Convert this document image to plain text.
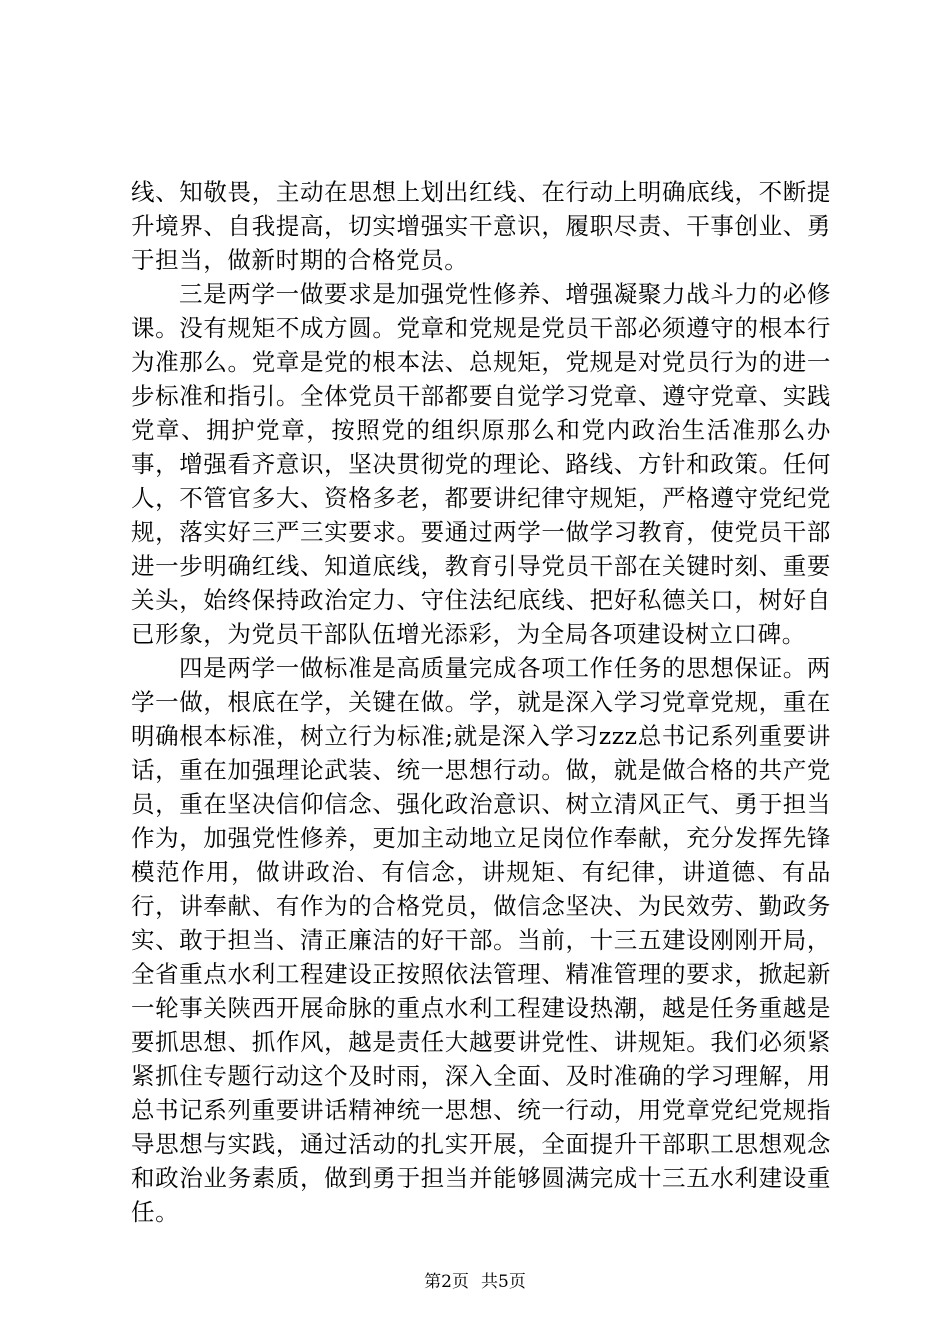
线、知敬畏，主动在思想上划出红线、在行动上明确底线，不断提升境界、自我提高，切实增强实干意识，履职尽责、干事创业、勇于担当，做新时期的合格党员。

三是两学一做要求是加强党性修养、增强凝聚力战斗力的必修课。没有规矩不成方圆。党章和党规是党员干部必须遵守的根本行为准那么。党章是党的根本法、总规矩，党规是对党员行为的进一步标准和指引。全体党员干部都要自觉学习党章、遵守党章、实践党章、拥护党章，按照党的组织原那么和党内政治生活准那么办事，增强看齐意识，坚决贯彻党的理论、路线、方针和政策。任何人，不管官多大、资格多老，都要讲纪律守规矩，严格遵守党纪党规，落实好三严三实要求。要通过两学一做学习教育，使党员干部进一步明确红线、知道底线，教育引导党员干部在关键时刻、重要关头，始终保持政治定力、守住法纪底线、把好私德关口，树好自已形象，为党员干部队伍增光添彩，为全局各项建设树立口碑。

四是两学一做标准是高质量完成各项工作任务的思想保证。两学一做，根底在学，关键在做。学，就是深入学习党章党规，重在明确根本标准，树立行为标准;就是深入学习zzz总书记系列重要讲话，重在加强理论武装、统一思想行动。做，就是做合格的共产党员，重在坚决信仰信念、强化政治意识、树立清风正气、勇于担当作为，加强党性修养，更加主动地立足岗位作奉献，充分发挥先锋模范作用，做讲政治、有信念，讲规矩、有纪律，讲道德、有品行，讲奉献、有作为的合格党员，做信念坚决、为民效劳、勤政务实、敢于担当、清正廉洁的好干部。当前，十三五建设刚刚开局，全省重点水利工程建设正按照依法管理、精准管理的要求，掀起新一轮事关陕西开展命脉的重点水利工程建设热潮，越是任务重越是要抓思想、抓作风，越是责任大越要讲党性、讲规矩。我们必须紧紧抓住专题行动这个及时雨，深入全面、及时准确的学习理解，用总书记系列重要讲话精神统一思想、统一行动，用党章党纪党规指导思想与实践，通过活动的扎实开展，全面提升干部职工思想观念和政治业务素质，做到勇于担当并能够圆满完成十三五水利建设重任。

第2页 共5页
